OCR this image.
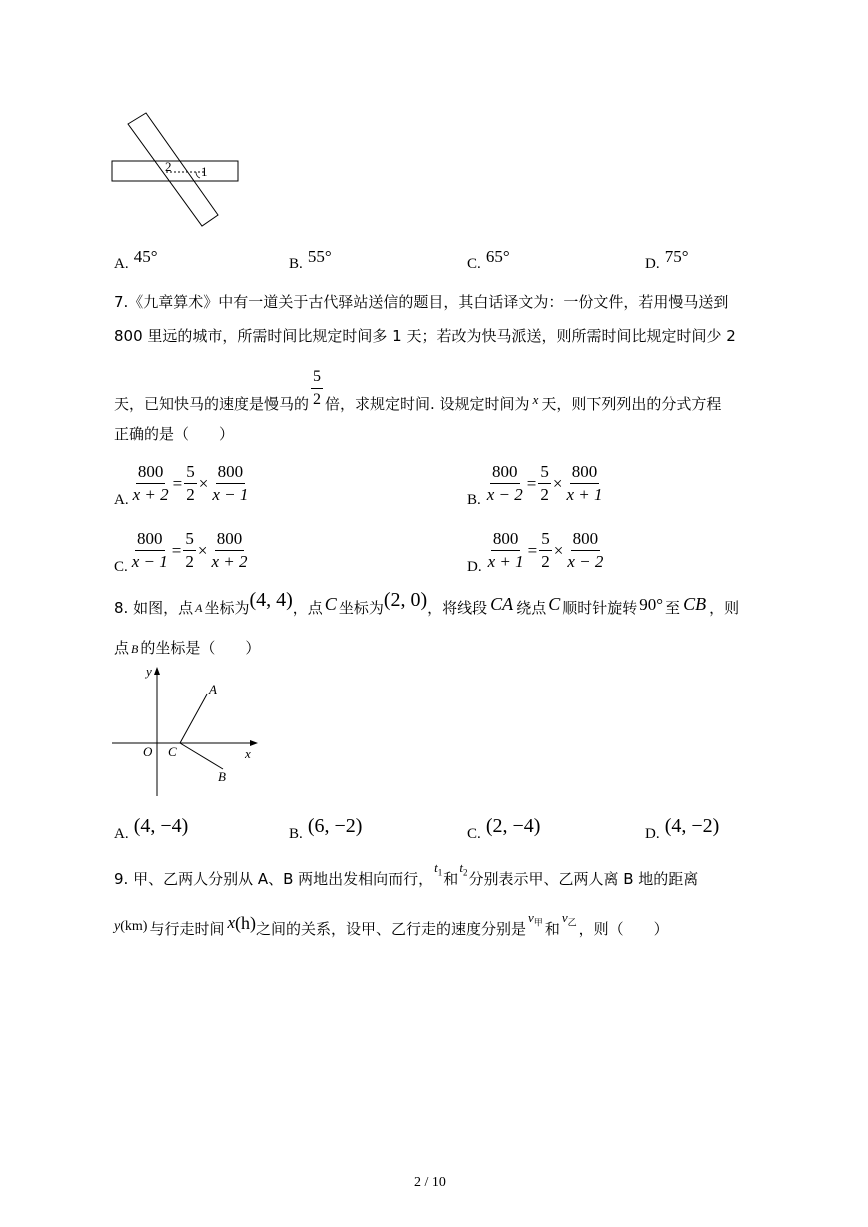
2 1
A. 45°	B. 55°	C. 65°	D. 75°
7.《九章算术》中有一道关于古代驿站送信的题目，其白话译文为：一份文件，若用慢马送到
800 里远的城市，所需时间比规定时间多 1 天；若改为快马派送，则所需时间比规定时间少 2
天，已知快马的速度是慢马的 $\frac{5}{2}$ 倍，求规定时间. 设规定时间为 x 天，则下列列出的分式方程
正确的是（　　）
A. $\frac{800}{x + 2} = \frac{5}{2} \times \frac{800}{x - 1}$	B. $\frac{800}{x - 2} = \frac{5}{2} \times \frac{800}{x + 1}$
C. $\frac{800}{x - 1} = \frac{5}{2} \times \frac{800}{x + 2}$	D. $\frac{800}{x + 1} = \frac{5}{2} \times \frac{800}{x - 2}$
8. 如图，点 A 坐标为 (4, 4) ，点 C 坐标为 (2, 0) ，将线段 CA 绕点 C 顺时针旋转 90° 至 CB ，则
点 B 的坐标是（　　）
y
x
O C
A
B
A. (4, −4)	B. (6, −2)	C. (2, −4)	D. (4, −2)
9. 甲、乙两人分别从 A、B 两地出发相向而行，
$t_1$ 和
$t_2$ 分别表示甲、乙两人离 B 地的距离
y (km) 与行走时间 x (h) 之间的关系，设甲、乙行走的速度分别是
$v_甲$ 和
$v_乙$ ，则（　　）
2 / 10
